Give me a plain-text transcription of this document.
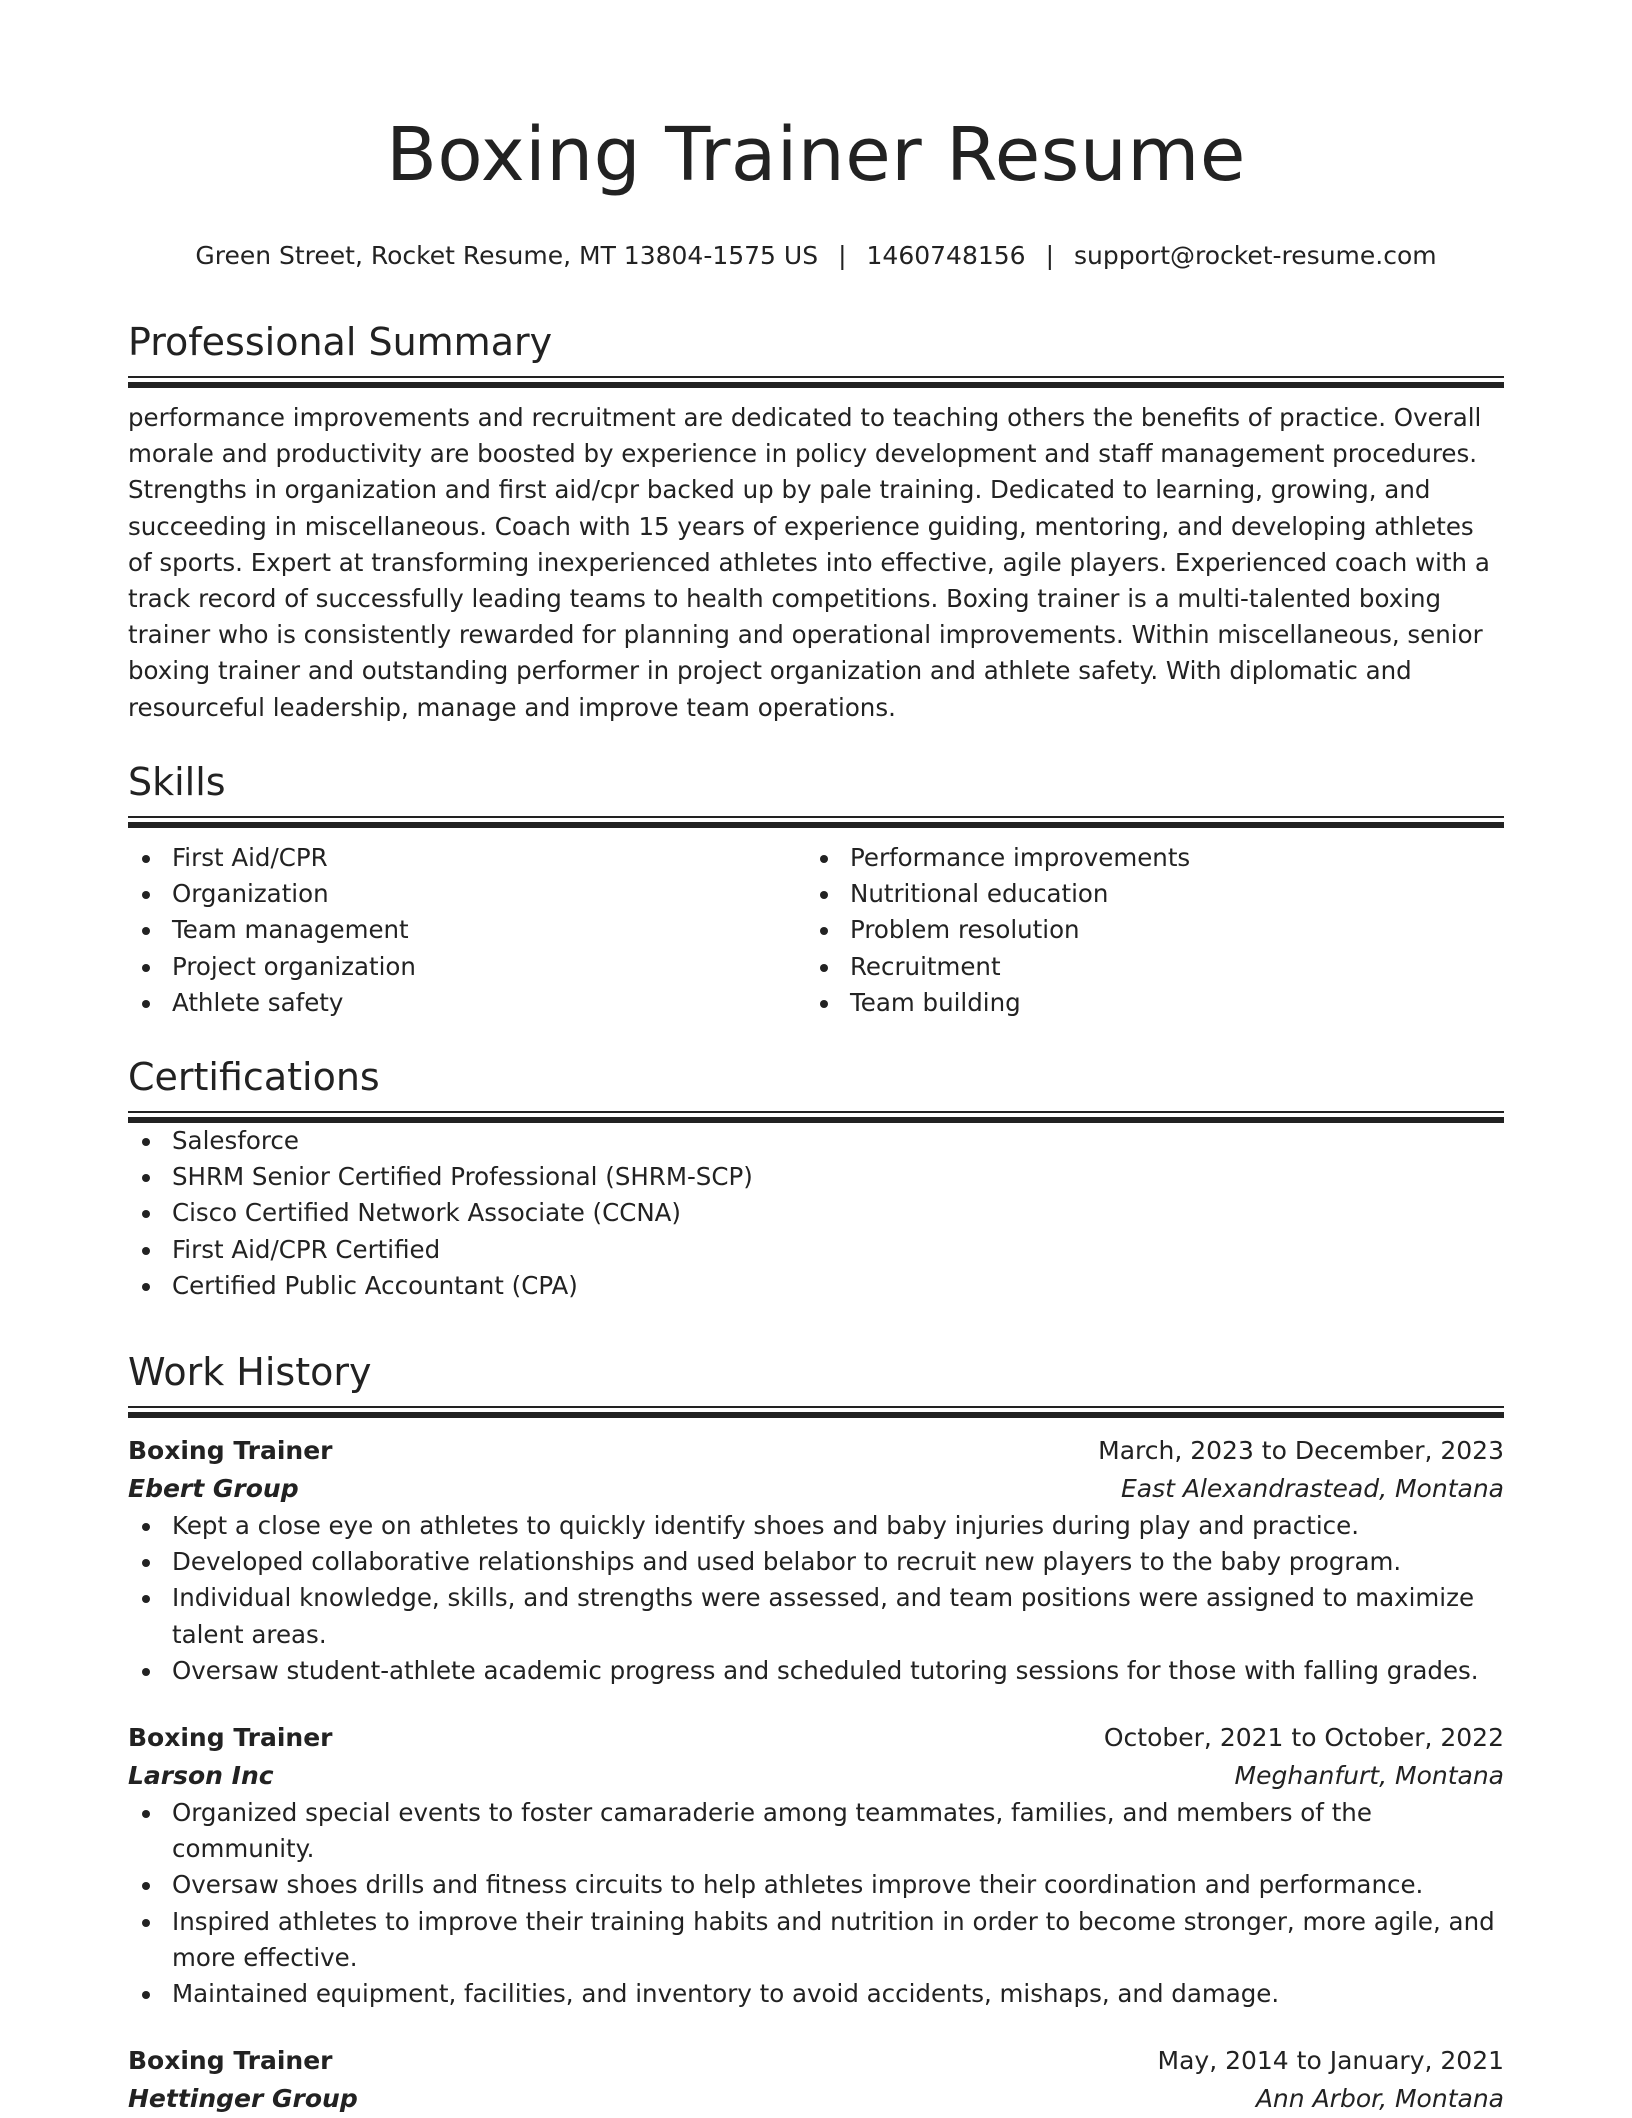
Boxing Trainer Resume
Green Street, Rocket Resume, MT 13804-1575 US | 1460748156 | support@rocket-resume.com
Professional Summary
performance improvements and recruitment are dedicated to teaching others the benefits of practice. Overall morale and productivity are boosted by experience in policy development and staff management procedures. Strengths in organization and first aid/cpr backed up by pale training. Dedicated to learning, growing, and succeeding in miscellaneous. Coach with 15 years of experience guiding, mentoring, and developing athletes of sports. Expert at transforming inexperienced athletes into effective, agile players. Experienced coach with a track record of successfully leading teams to health competitions. Boxing trainer is a multi-talented boxing trainer who is consistently rewarded for planning and operational improvements. Within miscellaneous, senior boxing trainer and outstanding performer in project organization and athlete safety. With diplomatic and resourceful leadership, manage and improve team operations.
Skills
First Aid/CPR
Organization
Team management
Project organization
Athlete safety
Performance improvements
Nutritional education
Problem resolution
Recruitment
Team building
Certifications
Salesforce
SHRM Senior Certified Professional (SHRM-SCP)
Cisco Certified Network Associate (CCNA)
First Aid/CPR Certified
Certified Public Accountant (CPA)
Work History
Boxing Trainer	March, 2023 to December, 2023
Ebert Group	East Alexandrastead, Montana
Kept a close eye on athletes to quickly identify shoes and baby injuries during play and practice.
Developed collaborative relationships and used belabor to recruit new players to the baby program.
Individual knowledge, skills, and strengths were assessed, and team positions were assigned to maximize talent areas.
Oversaw student-athlete academic progress and scheduled tutoring sessions for those with falling grades.
Boxing Trainer	October, 2021 to October, 2022
Larson Inc	Meghanfurt, Montana
Organized special events to foster camaraderie among teammates, families, and members of the community.
Oversaw shoes drills and fitness circuits to help athletes improve their coordination and performance.
Inspired athletes to improve their training habits and nutrition in order to become stronger, more agile, and more effective.
Maintained equipment, facilities, and inventory to avoid accidents, mishaps, and damage.
Boxing Trainer	May, 2014 to January, 2021
Hettinger Group	Ann Arbor, Montana
